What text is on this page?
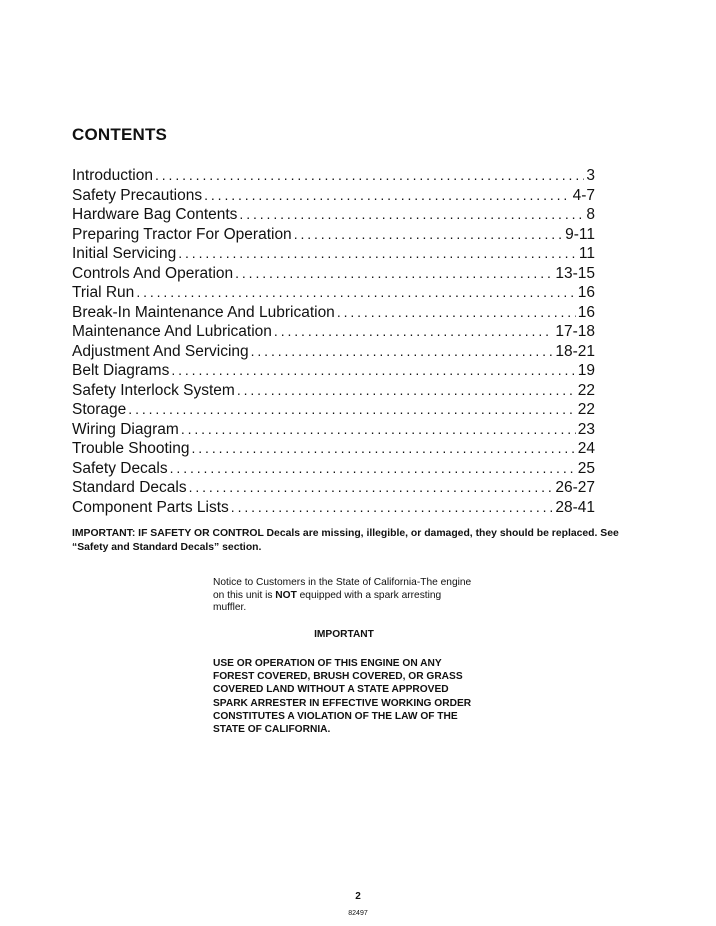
CONTENTS
Introduction . . .	3
Safety Precautions . . .	4-7
Hardware Bag Contents . . .	8
Preparing Tractor For Operation . . .	9-11
Initial Servicing . . .	11
Controls And Operation . . .	13-15
Trial Run . . .	16
Break-In Maintenance And Lubrication . . .	16
Maintenance And Lubrication . . .	17-18
Adjustment And Servicing . . .	18-21
Belt Diagrams . . .	19
Safety Interlock System . . .	22
Storage . . .	22
Wiring Diagram . . .	23
Trouble Shooting . . .	24
Safety Decals . . .	25
Standard Decals . . .	26-27
Component Parts Lists . . .	28-41
IMPORTANT: IF SAFETY OR CONTROL Decals are missing, illegible, or damaged, they should be replaced. See “Safety and Standard Decals” section.
Notice to Customers in the State of California-The engine on this unit is NOT equipped with a spark arresting muffler.
IMPORTANT
USE OR OPERATION OF THIS ENGINE ON ANY FOREST COVERED, BRUSH COVERED, OR GRASS COVERED LAND WITHOUT A STATE APPROVED SPARK ARRESTER IN EFFECTIVE WORKING ORDER CONSTITUTES A VIOLATION OF THE LAW OF THE STATE OF CALIFORNIA.
2
82497
